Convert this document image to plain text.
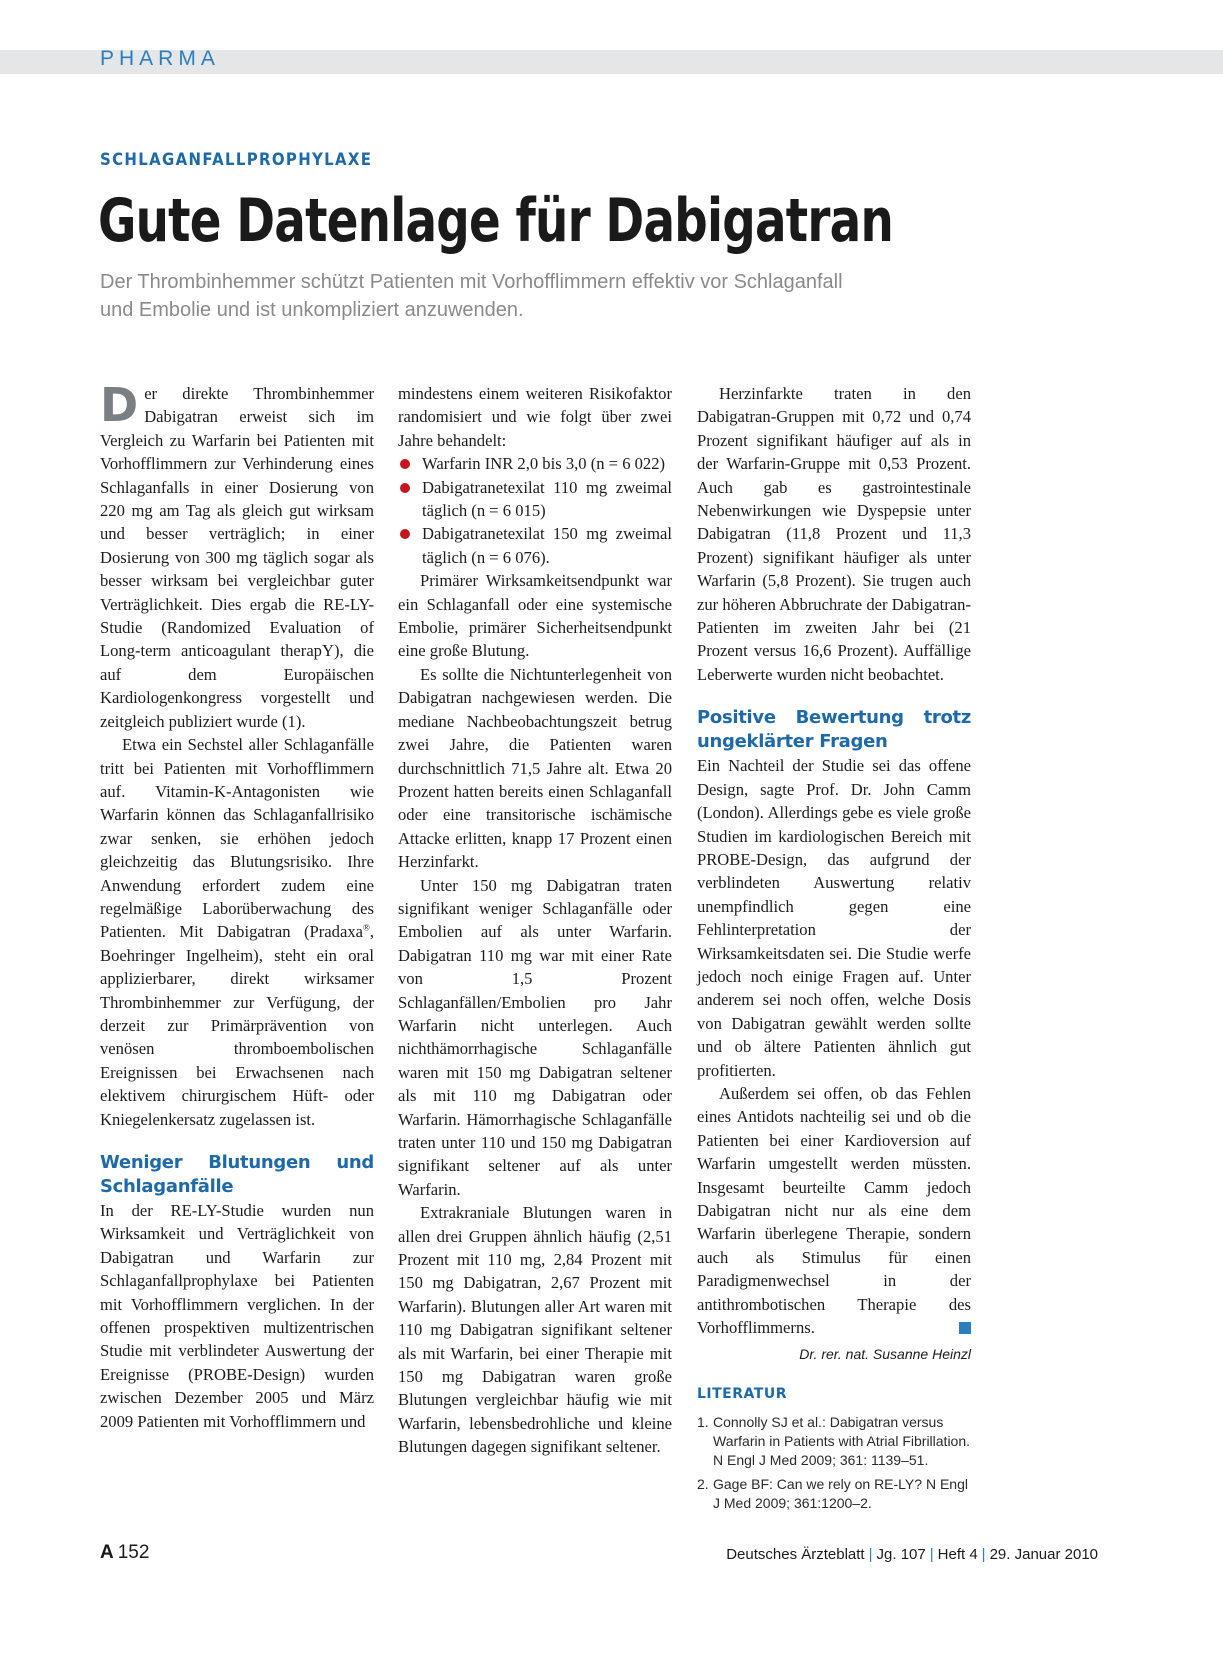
PHARMA
SCHLAGANFALLPROPHYLAXE
Gute Datenlage für Dabigatran
Der Thrombinhemmer schützt Patienten mit Vorhofflimmern effektiv vor Schlaganfall und Embolie und ist unkompliziert anzuwenden.

Der direkte Thrombinhemmer Dabigatran erweist sich im Vergleich zu Warfarin bei Patienten mit Vorhofflimmern zur Verhinderung eines Schlaganfalls in einer Dosierung von 220 mg am Tag als gleich gut wirksam und besser verträglich; in einer Dosierung von 300 mg täglich sogar als besser wirksam bei vergleichbar guter Verträglichkeit. Dies ergab die RE-LY-Studie (Randomized Evaluation of Long-term anticoagulant therapY), die auf dem Europäischen Kardiologenkongress vorgestellt und zeitgleich publiziert wurde (1).

Etwa ein Sechstel aller Schlaganfälle tritt bei Patienten mit Vorhofflimmern auf. Vitamin-K-Antagonisten wie Warfarin können das Schlaganfallrisiko zwar senken, sie erhöhen jedoch gleichzeitig das Blutungsrisiko. Ihre Anwendung erfordert zudem eine regelmäßige Laborüberwachung des Patienten. Mit Dabigatran (Pradaxa®, Boehringer Ingelheim), steht ein oral applizierbarer, direkt wirksamer Thrombinhemmer zur Verfügung, der derzeit zur Primärprävention von venösen thromboembolischen Ereignissen bei Erwachsenen nach elektivem chirurgischem Hüft- oder Kniegelenkersatz zugelassen ist.

Weniger Blutungen und Schlaganfälle

In der RE-LY-Studie wurden nun Wirksamkeit und Verträglichkeit von Dabigatran und Warfarin zur Schlaganfallprophylaxe bei Patienten mit Vorhofflimmern verglichen. In der offenen prospektiven multizentrischen Studie mit verblindeter Auswertung der Ereignisse (PROBE-Design) wurden zwischen Dezember 2005 und März 2009 Patienten mit Vorhofflimmern und

mindestens einem weiteren Risikofaktor randomisiert und wie folgt über zwei Jahre behandelt:

Warfarin INR 2,0 bis 3,0 (n = 6 022)
Dabigatranetexilat 110 mg zweimal täglich (n = 6 015)
Dabigatranetexilat 150 mg zweimal täglich (n = 6 076).

Primärer Wirksamkeitsendpunkt war ein Schlaganfall oder eine systemische Embolie, primärer Sicherheitsendpunkt eine große Blutung.

Es sollte die Nichtunterlegenheit von Dabigatran nachgewiesen werden. Die mediane Nachbeobachtungszeit betrug zwei Jahre, die Patienten waren durchschnittlich 71,5 Jahre alt. Etwa 20 Prozent hatten bereits einen Schlaganfall oder eine transitorische ischämische Attacke erlitten, knapp 17 Prozent einen Herzinfarkt.

Unter 150 mg Dabigatran traten signifikant weniger Schlaganfälle oder Embolien auf als unter Warfarin. Dabigatran 110 mg war mit einer Rate von 1,5 Prozent Schlaganfällen/Embolien pro Jahr Warfarin nicht unterlegen. Auch nichthämorrhagische Schlaganfälle waren mit 150 mg Dabigatran seltener als mit 110 mg Dabigatran oder Warfarin. Hämorrhagische Schlaganfälle traten unter 110 und 150 mg Dabigatran signifikant seltener auf als unter Warfarin.

Extrakraniale Blutungen waren in allen drei Gruppen ähnlich häufig (2,51 Prozent mit 110 mg, 2,84 Prozent mit 150 mg Dabigatran, 2,67 Prozent mit Warfarin). Blutungen aller Art waren mit 110 mg Dabigatran signifikant seltener als mit Warfarin, bei einer Therapie mit 150 mg Dabigatran waren große Blutungen vergleichbar häufig wie mit Warfarin, lebensbedrohliche und kleine Blutungen dagegen signifikant seltener.

Herzinfarkte traten in den Dabigatran-Gruppen mit 0,72 und 0,74 Prozent signifikant häufiger auf als in der Warfarin-Gruppe mit 0,53 Prozent. Auch gab es gastrointestinale Nebenwirkungen wie Dyspepsie unter Dabigatran (11,8 Prozent und 11,3 Prozent) signifikant häufiger als unter Warfarin (5,8 Prozent). Sie trugen auch zur höheren Abbruchrate der Dabigatran-Patienten im zweiten Jahr bei (21 Prozent versus 16,6 Prozent). Auffällige Leberwerte wurden nicht beobachtet.

Positive Bewertung trotz ungeklärter Fragen

Ein Nachteil der Studie sei das offene Design, sagte Prof. Dr. John Camm (London). Allerdings gebe es viele große Studien im kardiologischen Bereich mit PROBE-Design, das aufgrund der verblindeten Auswertung relativ unempfindlich gegen eine Fehlinterpretation der Wirksamkeitsdaten sei. Die Studie werfe jedoch noch einige Fragen auf. Unter anderem sei noch offen, welche Dosis von Dabigatran gewählt werden sollte und ob ältere Patienten ähnlich gut profitierten.

Außerdem sei offen, ob das Fehlen eines Antidots nachteilig sei und ob die Patienten bei einer Kardioversion auf Warfarin umgestellt werden müssten. Insgesamt beurteilte Camm jedoch Dabigatran nicht nur als eine dem Warfarin überlegene Therapie, sondern auch als Stimulus für einen Paradigmenwechsel in der antithrombotischen Therapie des Vorhofflimmerns.

Dr. rer. nat. Susanne Heinzl
LITERATUR
1. Connolly SJ et al.: Dabigatran versus Warfarin in Patients with Atrial Fibrillation. N Engl J Med 2009; 361: 1139–51.
2. Gage BF: Can we rely on RE-LY? N Engl J Med 2009; 361:1200–2.
A 152	Deutsches Ärzteblatt | Jg. 107 | Heft 4 | 29. Januar 2010
